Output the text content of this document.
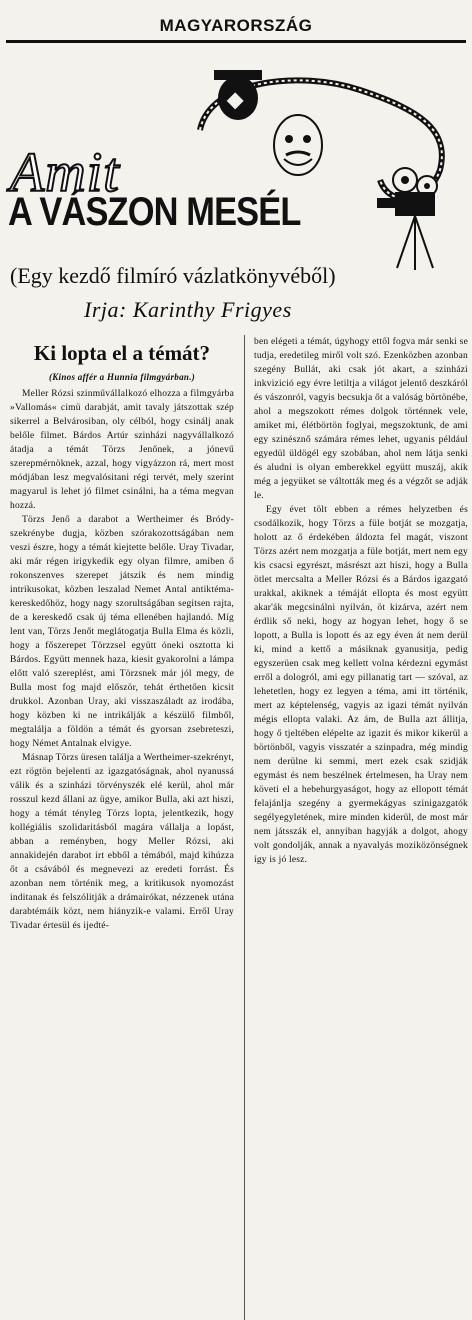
MAGYARORSZÁG
Amit
A VÁSZON MESÉL
(Egy kezdő filmíró vázlatkönyvéből)
Irja: Karinthy Frigyes
Ki lopta el a témát?
(Kinos affér a Hunnia filmgyárban.)

Meller Rózsi szinműválIalkozó elhozza a filmgyárba »Vallomás« cimü darabját, amit tavaly játszottak szép sikerrel a Belvárosiban, oly célból, hogy csinálj anak belőle filmet. Bárdos Artúr szinházi nagyvállalkozó átadja a témát Törzs Jenőnek, a jónevű szerepmérnöknek, azzal, hogy vigyázzon rá, mert most módjában lesz megvalósitani régi tervét, mely szerint magyarul is lehet jó filmet csinálni, ha a téma megvan hozzá.

Törzs Jenő a darabot a Wertheimer és Bródy-szekrénybe dugja, közben szórakozottságában nem veszi észre, hogy a témát kiejtette belőle. Uray Tivadar, aki már régen irigykedik egy olyan filmre, amiben ő rokonszenves szerepet játszik és nem mindig intrikusokat, közben leszalad Nemet Antal antiktéma-kereskedőhöz, hogy nagy szorultságában segitsen rajta, de a kereskedő csak új téma ellenében hajlandó. Míg lent van, Törzs Jenőt meglátogatja Bulla Elma és közli, hogy a főszerepet Törzzsel együtt óneki osztotta ki Bárdos. Együtt mennek haza, kiesit gyakorolni a lámpa előtt való szereplést, ami Törzsnek már jól megy, de Bulla most fog majd először, tehát érthetően kicsit drukkol. Azonban Uray, aki visszaszáladt az irodába, hogy közben ki ne intrikálják a készülő filmből, megtalálja a földön a témát és gyorsan zsebreteszi, hogy Német Antalnak elvigye.

Másnap Törzs üresen találja a Wertheimer-szekrényt, ezt rögtön bejelenti az igazgatóságnak, ahol nyanussá válik és a szinházi törvényszék elé kerül, ahol már rosszul kezd állani az ügye, amikor Bulla, aki azt hiszi, hogy a témát tényleg Törzs lopta, jelentkezik, hogy kollégiális szolidaritásból magára vállalja a lopást, abban a reményben, hogy Meller Rózsi, aki annakidején darabot irt ebből a témából, majd kihúzza őt a csávából és megnevezi az eredeti forrást. És azonban nem történik meg, a kritikusok nyomozást inditanak és felszólitják a drámairókat, nézzenek utána darabtémáik közt, nem hiányzik-e valami. Erről Uray Tivadar értesül és ijedté-

ben elégeti a témát, úgyhogy ettől fogva már senki se tudja, eredetileg miről volt szó. Ezenközben azonban szegény Bullát, aki csak jót akart, a szinházi inkvizició egy évre letiltja a világot jelentő deszkáról és vászonról, vagyis becsukja őt a valóság börtönébe, ahol a megszokott rémes dolgok történnek vele, amiket mi, élétbörtön foglyai, megszoktunk, de ami egy szinésznő számára rémes lehet, ugyanis például egyedül üldögél egy szobában, ahol nem látja senki és aludni is olyan emberekkel együtt muszáj, akik még a jegyüket se váltották meg és a végzőt se adják le.

Egy évet tölt ebben a rémes helyzetben és csodálkozik, hogy Törzs a füle botját se mozgatja, holott az ő érdekében áldozta fel magát, viszont Törzs azért nem mozgatja a füle botját, mert nem egy kis csacsi egyrészt, másrészt azt hiszi, hogy a Bulla ötlet mercsalta a Meller Rózsi és a Bárdos igazgató urakkal, akiknek a témáját ellopta és most együtt akar'ák megcsinálni nyilván, öt kizárva, azért nem érdlik ső neki, hogy az hogyan lehet, hogy ő se lopott, a Bulla is lopott és az egy éven át nem derül ki, mind a kettő a másiknak gyanusitja, pedig egyszerüen csak meg kellett volna kérdezni egymást erről a dologról, ami egy pillanatig tart — szóval, az lehetetlen, hogy ez legyen a téma, ami itt történik, mert az képtelenség, vagyis az igazi témát nyilván mégis ellopta valaki. Az ám, de Bulla azt állitja, hogy ő tjeltében elépelte az igazit és mikor kikerül a börtönből, vagyis visszatér a szinpadra, még mindig nem derülne ki semmi, mert ezek csak szidják egymást és nem beszélnek értelmesen, ha Uray nem követi el a hebehurgyaságot, hogy az ellopott témát felajánlja szegény a gyermekágyas szinigazgatók segélyegyletének, mire minden kiderül, de most már nem játsszák el, annyiban hagyják a dolgot, ahogy volt gondolják, annak a nyavalyás moziközönségnek így is jó lesz.
